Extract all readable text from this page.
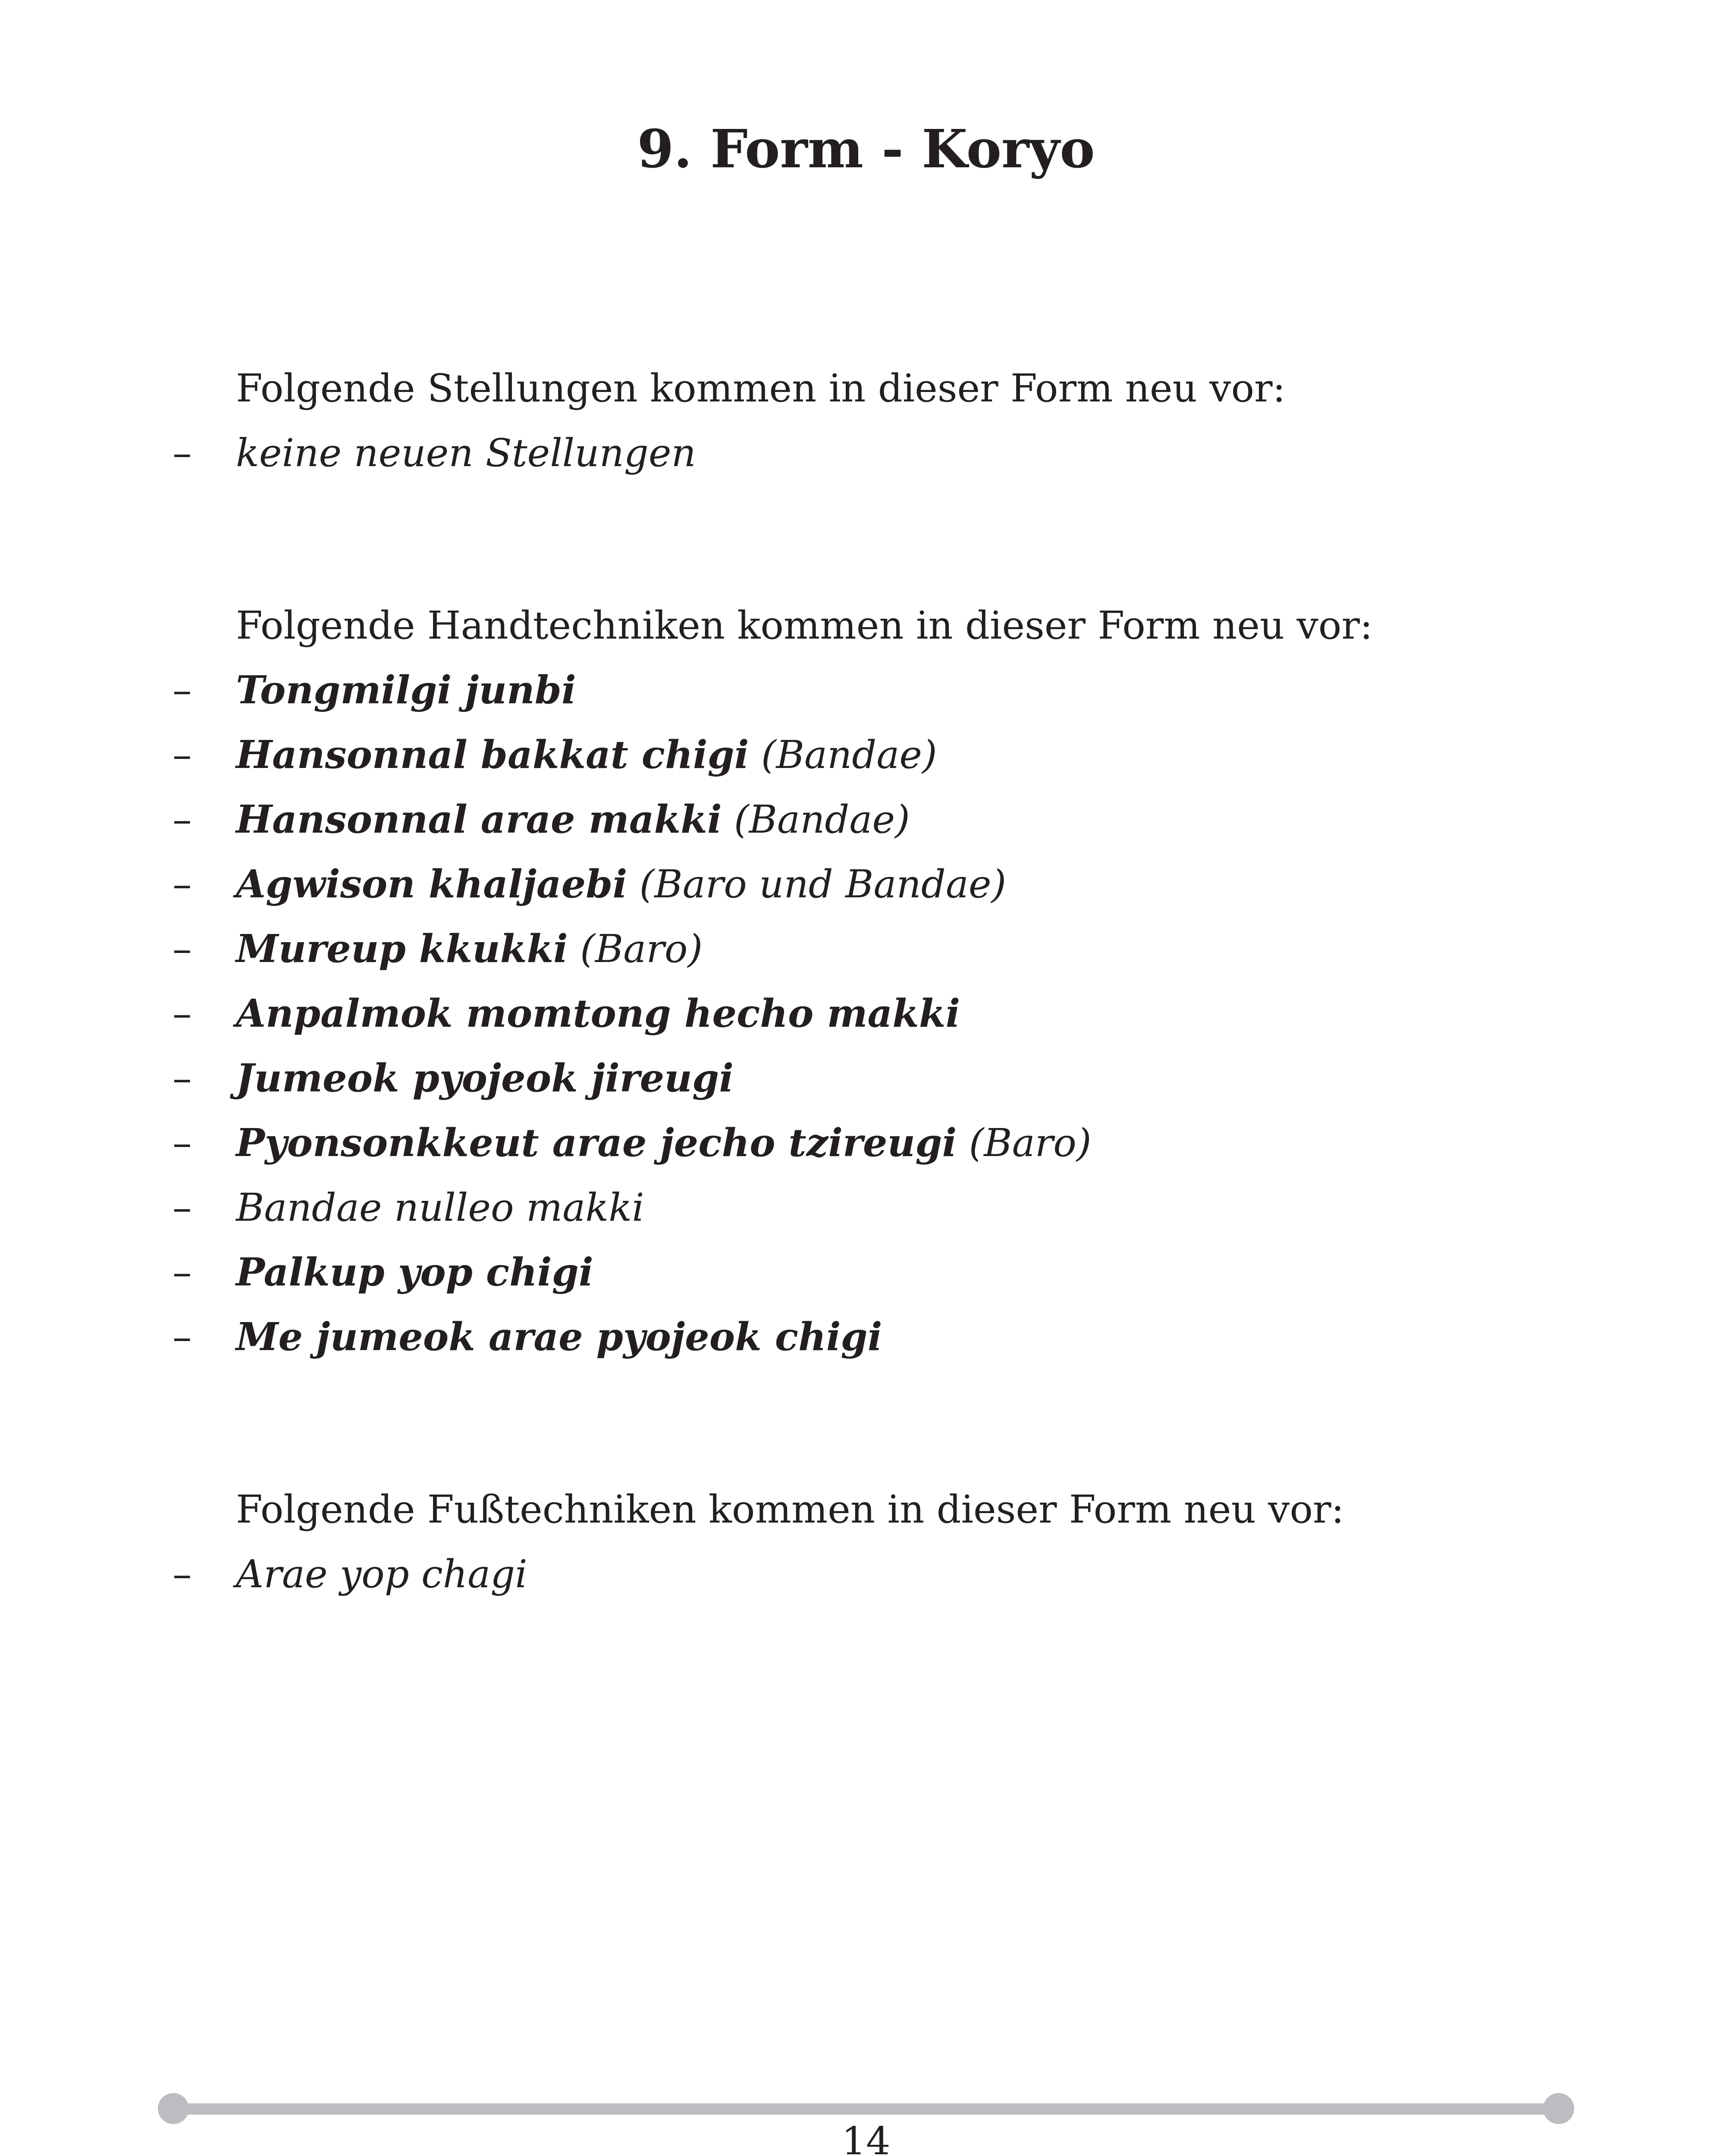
9. Form - Koryo
Folgende Stellungen kommen in dieser Form neu vor:
– keine neuen Stellungen
Folgende Handtechniken kommen in dieser Form neu vor:
– Tongmilgi junbi
– Hansonnal bakkat chigi (Bandae)
– Hansonnal arae makki (Bandae)
– Agwison khaljaebi (Baro und Bandae)
– Mureup kkukki (Baro)
– Anpalmok momtong hecho makki
– Jumeok pyojeok jireugi
– Pyonsonkkeut arae jecho tzireugi (Baro)
– Bandae nulleo makki
– Palkup yop chigi
– Me jumeok arae pyojeok chigi
Folgende Fußtechniken kommen in dieser Form neu vor:
– Arae yop chagi
14
